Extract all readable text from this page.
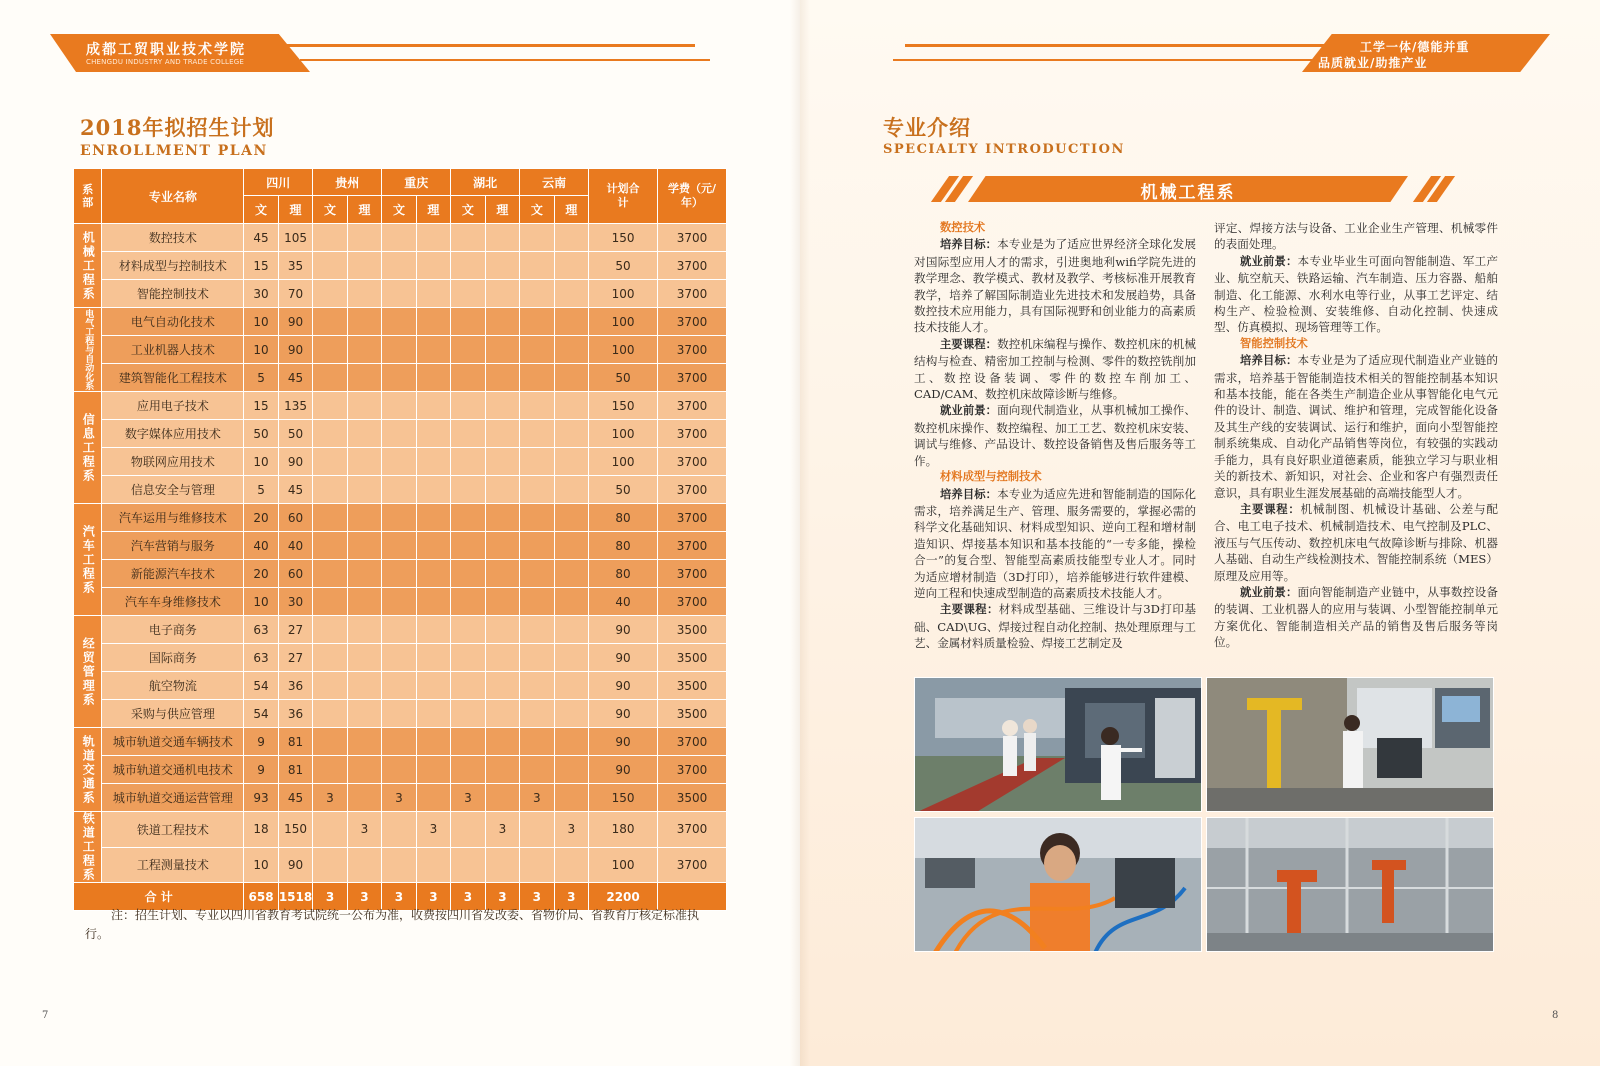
成都工贸职业技术学院
CHENGDU INDUSTRY AND TRADE COLLEGE
工学一体/德能并重
品质就业/助推产业
2018年拟招生计划
ENROLLMENT PLAN
系部	专业名称	四川		贵州		重庆		湖北		云南		计划合计	学费（元/年）
		文	理	文	理	文	理	文	理	文	理		
机械工程系	数控技术	45	105									150	3700
	材料成型与控制技术	15	35									50	3700
	智能控制技术	30	70									100	3700
电气工程与自动化系	电气自动化技术	10	90									100	3700
	工业机器人技术	10	90									100	3700
	建筑智能化工程技术	5	45									50	3700
信息工程系	应用电子技术	15	135									150	3700
	数字媒体应用技术	50	50									100	3700
	物联网应用技术	10	90									100	3700
	信息安全与管理	5	45									50	3700
汽车工程系	汽车运用与维修技术	20	60									80	3700
	汽车营销与服务	40	40									80	3700
	新能源汽车技术	20	60									80	3700
	汽车车身维修技术	10	30									40	3700
经贸管理系	电子商务	63	27									90	3500
	国际商务	63	27									90	3500
	航空物流	54	36									90	3500
	采购与供应管理	54	36									90	3500
轨道交通系	城市轨道交通车辆技术	9	81									90	3700
	城市轨道交通机电技术	9	81									90	3700
	城市轨道交通运营管理	93	45	3		3		3		3		150	3500
铁道工程系	铁道工程技术	18	150		3		3		3		3	180	3700
	工程测量技术	10	90									100	3700
合 计		658	1518	3	3	3	3	3	3	3	3	2200	
注：招生计划、专业以四川省教育考试院统一公布为准，收费按四川省发改委、省物价局、省教育厅核定标准执行。
7
专业介绍
SPECIALTY INTRODUCTION
机械工程系

数控技术

培养目标：本专业是为了适应世界经济全球化发展对国际型应用人才的需求，引进奥地利wifi学院先进的教学理念、教学模式、教材及教学、考核标准开展教育教学，培养了解国际制造业先进技术和发展趋势，具备数控技术应用能力，具有国际视野和创业能力的高素质技术技能人才。

主要课程：数控机床编程与操作、数控机床的机械结构与检查、精密加工控制与检测、零件的数控铣削加工、数控设备装调、零件的数控车削加工、CAD/CAM、数控机床故障诊断与维修。

就业前景：面向现代制造业，从事机械加工操作、数控机床操作、数控编程、加工工艺、数控机床安装、调试与维修、产品设计、数控设备销售及售后服务等工作。

材料成型与控制技术

培养目标：本专业为适应先进和智能制造的国际化需求，培养满足生产、管理、服务需要的，掌握必需的科学文化基础知识、材料成型知识、逆向工程和增材制造知识、焊接基本知识和基本技能的“一专多能，操检合一”的复合型、智能型高素质技能型专业人才。同时为适应增材制造（3D打印），培养能够进行软件建模、逆向工程和快速成型制造的高素质技术技能人才。

主要课程：材料成型基础、三维设计与3D打印基础、CAD\UG、焊接过程自动化控制、热处理原理与工艺、金属材料质量检验、焊接工艺制定及

评定、焊接方法与设备、工业企业生产管理、机械零件的表面处理。

就业前景：本专业毕业生可面向智能制造、军工产业、航空航天、铁路运输、汽车制造、压力容器、船舶制造、化工能源、水利水电等行业，从事工艺评定、结构生产、检验检测、安装维修、自动化控制、快速成型、仿真模拟、现场管理等工作。

智能控制技术

培养目标：本专业是为了适应现代制造业产业链的需求，培养基于智能制造技术相关的智能控制基本知识和基本技能，能在各类生产制造企业从事智能化电气元件的设计、制造、调试、维护和管理，完成智能化设备及其生产线的安装调试、运行和维护，面向小型智能控制系统集成、自动化产品销售等岗位，有较强的实践动手能力，具有良好职业道德素质，能独立学习与职业相关的新技术、新知识，对社会、企业和客户有强烈责任意识，具有职业生涯发展基础的高端技能型人才。

主要课程：机械制图、机械设计基础、公差与配合、电工电子技术、机械制造技术、电气控制及PLC、液压与气压传动、数控机床电气故障诊断与排除、机器人基础、自动生产线检测技术、智能控制系统（MES）原理及应用等。

就业前景：面向智能制造产业链中，从事数控设备的装调、工业机器人的应用与装调、小型智能控制单元方案优化、智能制造相关产品的销售及售后服务等岗位。

8
